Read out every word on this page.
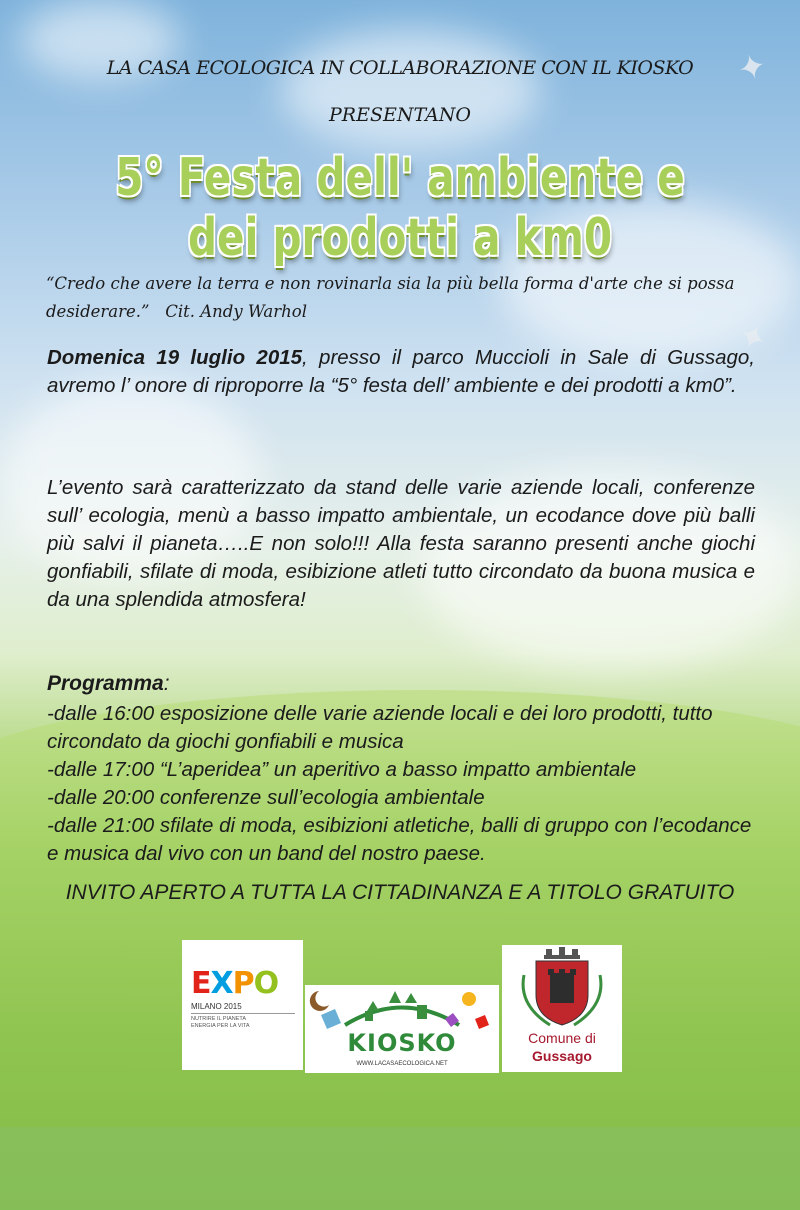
✦
✦
LA CASA ECOLOGICA IN COLLABORAZIONE CON IL KIOSKO
PRESENTANO
5° Festa dell' ambiente e dei prodotti a km0
“Credo che avere la terra e non rovinarla sia la più bella forma d'arte che si possa desiderare.” Cit. Andy Warhol
Domenica 19 luglio 2015, presso il parco Muccioli in Sale di Gussago, avremo l’ onore di riproporre la “5° festa dell’ ambiente e dei prodotti a km0”.
L’evento sarà caratterizzato da stand delle varie aziende locali, conferenze sull’ ecologia, menù a basso impatto ambientale, un ecodance dove più balli più salvi il pianeta…..E non solo!!! Alla festa saranno presenti anche giochi gonfiabili, sfilate di moda, esibizione atleti tutto circondato da buona musica e da una splendida atmosfera!
Programma:
-dalle 16:00 esposizione delle varie aziende locali e dei loro prodotti, tutto circondato da giochi gonfiabili e musica
-dalle 17:00 “L’aperidea” un aperitivo a basso impatto ambientale
-dalle 20:00 conferenze sull’ecologia ambientale
-dalle 21:00 sfilate di moda, esibizioni atletiche, balli di gruppo con l’ecodance e musica dal vivo con un band del nostro paese.
INVITO APERTO A TUTTA LA CITTADINANZA E A TITOLO GRATUITO
EXPO
MILANO 2015
NUTRIRE IL PIANETA
ENERGIA PER LA VITA
KIOSKO
WWW.LACASAECOLOGICA.NET
Comune di
Gussago
